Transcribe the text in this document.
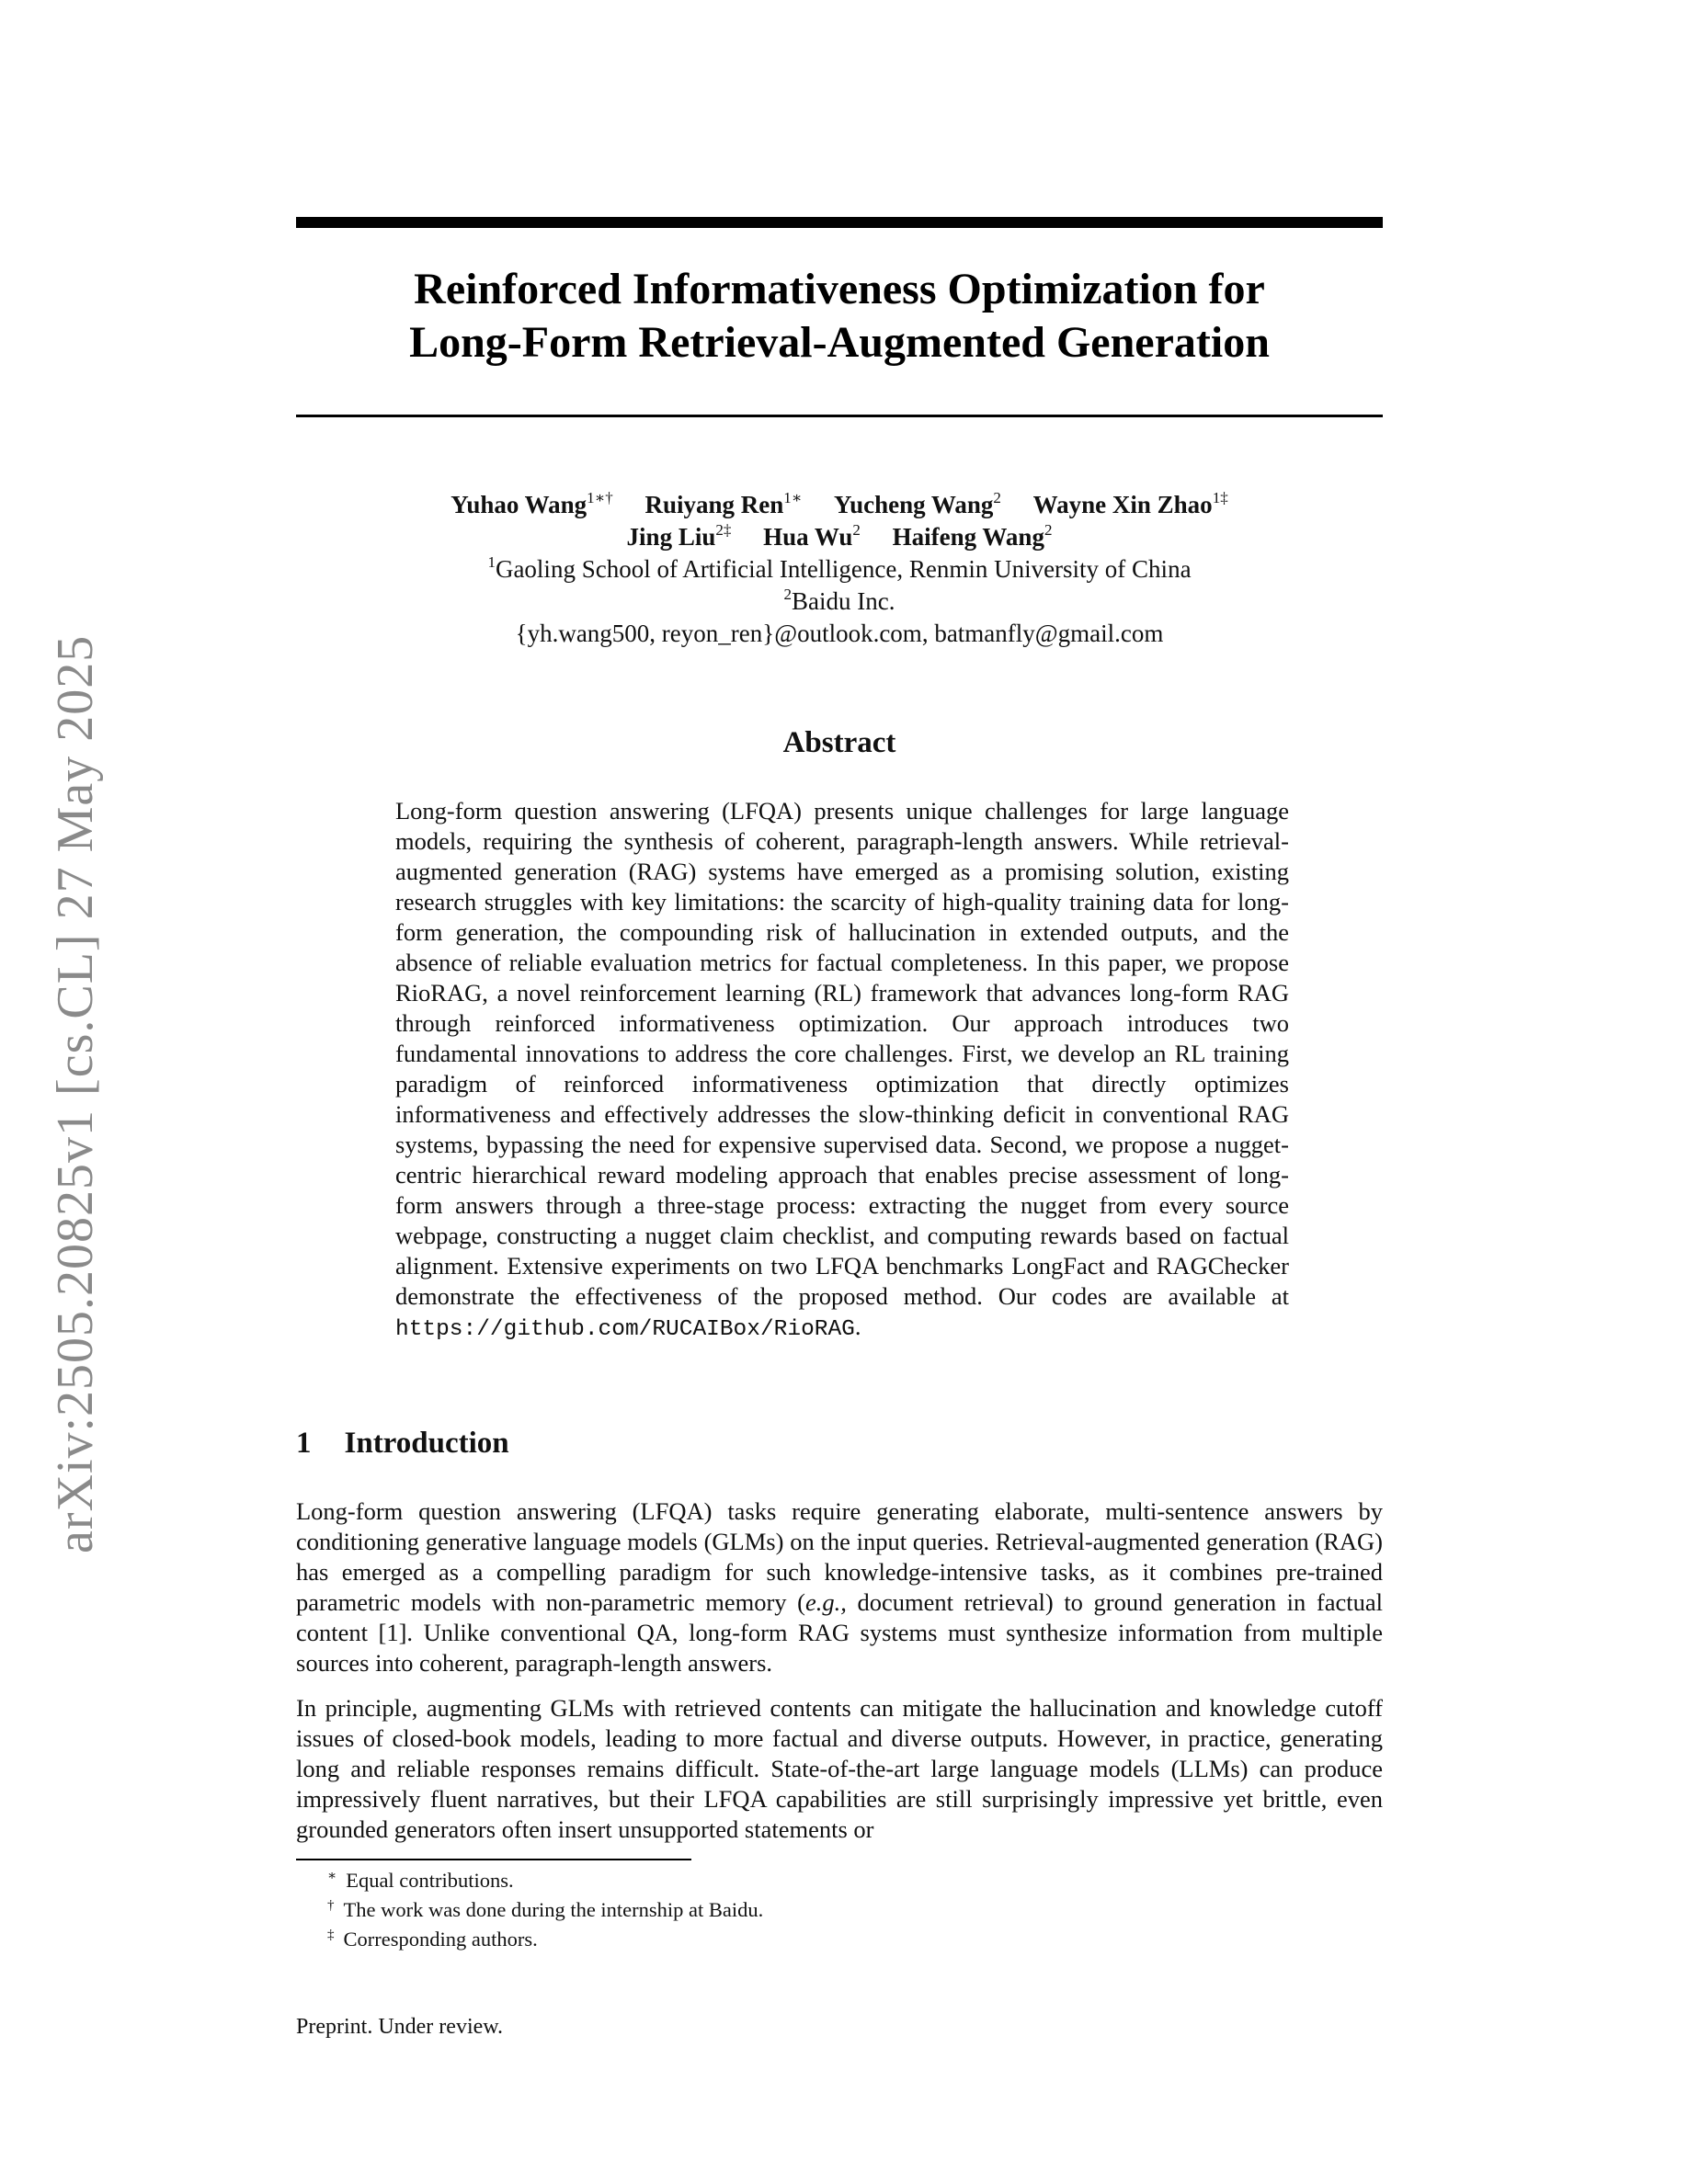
arXiv:2505.20825v1 [cs.CL] 27 May 2025
Reinforced Informativeness Optimization for
Long-Form Retrieval-Augmented Generation
Yuhao Wang$^{1∗\dagger}$ Ruiyang Ren$^{1∗}$ Yucheng Wang$^2$ Wayne Xin Zhao$^{1\ddagger}$
Jing Liu$^{2\ddagger}$ Hua Wu$^2$ Haifeng Wang$^2$
$^1$Gaoling School of Artificial Intelligence, Renmin University of China
$^2$Baidu Inc.
{yh.wang500, reyon_ren}@outlook.com, batmanfly@gmail.com
Abstract
Long-form question answering (LFQA) presents unique challenges for large language models, requiring the synthesis of coherent, paragraph-length answers. While retrieval-augmented generation (RAG) systems have emerged as a promising solution, existing research struggles with key limitations: the scarcity of high-quality training data for long-form generation, the compounding risk of hallucination in extended outputs, and the absence of reliable evaluation metrics for factual completeness. In this paper, we propose RioRAG, a novel reinforcement learning (RL) framework that advances long-form RAG through reinforced informativeness optimization. Our approach introduces two fundamental innovations to address the core challenges. First, we develop an RL training paradigm of reinforced informativeness optimization that directly optimizes informativeness and effectively addresses the slow-thinking deficit in conventional RAG systems, bypassing the need for expensive supervised data. Second, we propose a nugget-centric hierarchical reward modeling approach that enables precise assessment of long-form answers through a three-stage process: extracting the nugget from every source webpage, constructing a nugget claim checklist, and computing rewards based on factual alignment. Extensive experiments on two LFQA benchmarks LongFact and RAGChecker demonstrate the effectiveness of the proposed method. Our codes are available at https://github.com/RUCAIBox/RioRAG.
1 Introduction

Long-form question answering (LFQA) tasks require generating elaborate, multi-sentence answers by conditioning generative language models (GLMs) on the input queries. Retrieval-augmented generation (RAG) has emerged as a compelling paradigm for such knowledge-intensive tasks, as it combines pre-trained parametric models with non-parametric memory (e.g., document retrieval) to ground generation in factual content [1]. Unlike conventional QA, long-form RAG systems must synthesize information from multiple sources into coherent, paragraph-length answers.

In principle, augmenting GLMs with retrieved contents can mitigate the hallucination and knowledge cutoff issues of closed-book models, leading to more factual and diverse outputs. However, in practice, generating long and reliable responses remains difficult. State-of-the-art large language models (LLMs) can produce impressively fluent narratives, but their LFQA capabilities are still surprisingly impressive yet brittle, even grounded generators often insert unsupported statements or

∗ Equal contributions.
† The work was done during the internship at Baidu.
‡ Corresponding authors.
Preprint. Under review.
